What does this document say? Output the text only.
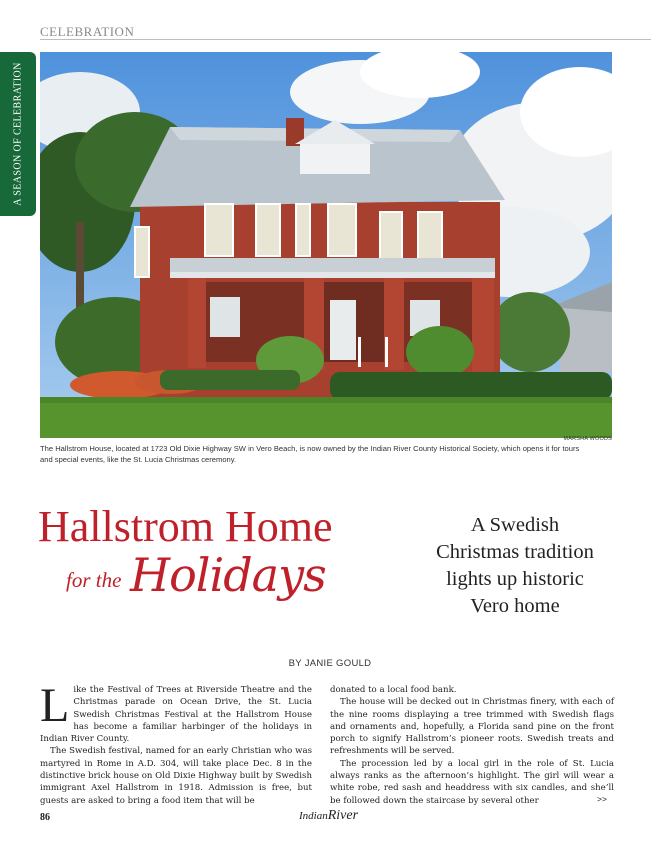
CELEBRATION
A SEASON OF CELEBRATION
MARSHA WOODS
The Hallstrom House, located at 1723 Old Dixie Highway SW in Vero Beach, is now owned by the Indian River County Historical Society, which opens it for tours and special events, like the St. Lucia Christmas ceremony.
Hallstrom Home
for the Holidays
A Swedish
Christmas tradition
lights up historic
Vero home
BY JANIE GOULD

Like the Festival of Trees at Riverside Theatre and the Christmas parade on Ocean Drive, the St. Lucia Swedish Christmas Festival at the Hallstrom House has become a familiar harbinger of the holidays in Indian River County.

The Swedish festival, named for an early Christian who was martyred in Rome in A.D. 304, will take place Dec. 8 in the distinctive brick house on Old Dixie Highway built by Swedish immigrant Axel Hallstrom in 1918. Admission is free, but guests are asked to bring a food item that will be

donated to a local food bank.

The house will be decked out in Christmas finery, with each of the nine rooms displaying a tree trimmed with Swedish flags and ornaments and, hopefully, a Florida sand pine on the front porch to signify Hallstrom’s pioneer roots. Swedish treats and refreshments will be served.

The procession led by a local girl in the role of St. Lucia always ranks as the afternoon’s highlight. The girl will wear a white robe, red sash and headdress with six candles, and she’ll be followed down the staircase by several other	>>
86	IndianRiver
